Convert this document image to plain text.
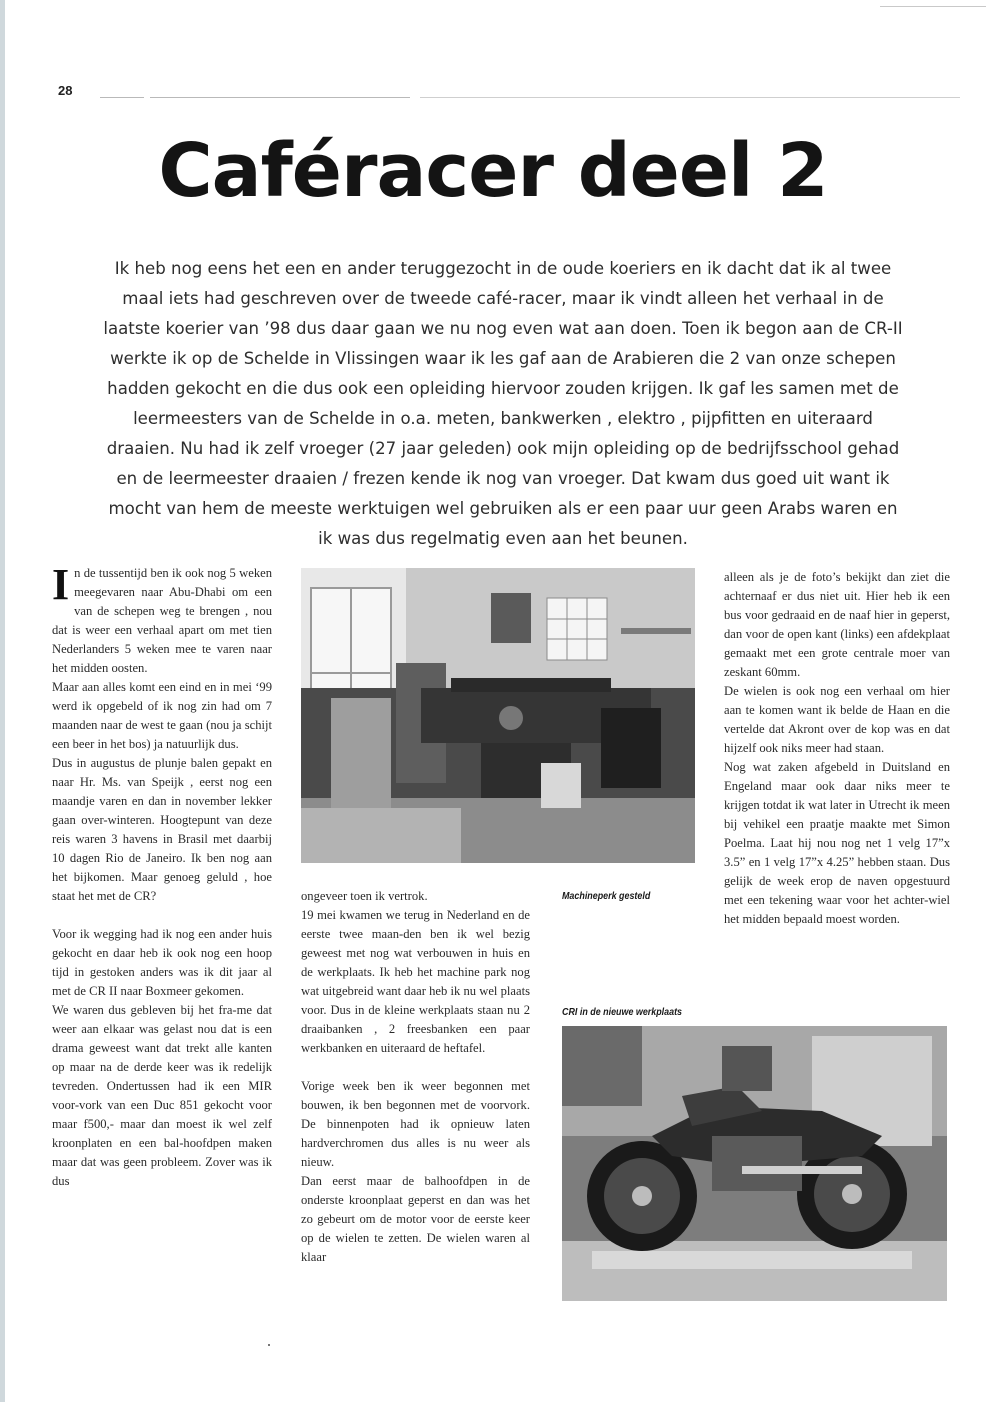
28
Caféracer deel 2

Ik heb nog eens het een en ander teruggezocht in de oude koeriers en ik dacht dat ik al twee maal iets had geschreven over de tweede café-racer, maar ik vindt alleen het verhaal in de laatste koerier van ’98 dus daar gaan we nu nog even wat aan doen. Toen ik begon aan de CR-II werkte ik op de Schelde in Vlissingen waar ik les gaf aan de Arabieren die 2 van onze schepen hadden gekocht en die dus ook een opleiding hiervoor zouden krijgen. Ik gaf les samen met de leermeesters van de Schelde in o.a. meten, bankwerken , elektro , pijpfitten en uiteraard draaien. Nu had ik zelf vroeger (27 jaar geleden) ook mijn opleiding op de bedrijfsschool gehad en de leermeester draaien / frezen kende ik nog van vroeger. Dat kwam dus goed uit want ik mocht van hem de meeste werktuigen wel gebruiken als er een paar uur geen Arabs waren en ik was dus regelmatig even aan het beunen.

In de tussentijd ben ik ook nog 5 weken meegevaren naar Abu-Dhabi om een van de schepen weg te brengen , nou dat is weer een verhaal apart om met tien Nederlanders 5 weken mee te varen naar het midden oosten.

Maar aan alles komt een eind en in mei ‘99 werd ik opgebeld of ik nog zin had om 7 maanden naar de west te gaan (nou ja schijt een beer in het bos) ja natuurlijk dus.

Dus in augustus de plunje balen gepakt en naar Hr. Ms. van Speijk , eerst nog een maandje varen en dan in november lekker gaan over-winteren. Hoogtepunt van deze reis waren 3 havens in Brasil met daarbij 10 dagen Rio de Janeiro. Ik ben nog aan het bijkomen. Maar genoeg geluld , hoe staat het met de CR?

Voor ik wegging had ik nog een ander huis gekocht en daar heb ik ook nog een hoop tijd in gestoken anders was ik dit jaar al met de CR II naar Boxmeer gekomen.

We waren dus gebleven bij het fra-me dat weer aan elkaar was gelast nou dat is een drama geweest want dat trekt alle kanten op maar na de derde keer was ik redelijk tevreden. Ondertussen had ik een MIR voor-vork van een Duc 851 gekocht voor maar f500,- maar dan moest ik wel zelf kroonplaten en een bal-hoofdpen maken maar dat was geen probleem. Zover was ik dus

Machineperk gesteld
CRI in de nieuwe werkplaats

ongeveer toen ik vertrok.

19 mei kwamen we terug in Nederland en de eerste twee maan-den ben ik wel bezig geweest met nog wat verbouwen in huis en de werkplaats. Ik heb het machine park nog wat uitgebreid want daar heb ik nu wel plaats voor. Dus in de kleine werkplaats staan nu 2 draaibanken , 2 freesbanken een paar werkbanken en uiteraard de heftafel.

Vorige week ben ik weer begonnen met bouwen, ik ben begonnen met de voorvork. De binnenpoten had ik opnieuw laten hardverchromen dus alles is nu weer als nieuw.

Dan eerst maar de balhoofdpen in de onderste kroonplaat geperst en dan was het zo gebeurt om de motor voor de eerste keer op de wielen te zetten. De wielen waren al klaar

alleen als je de foto’s bekijkt dan ziet die achternaaf er dus niet uit. Hier heb ik een bus voor gedraaid en de naaf hier in geperst, dan voor de open kant (links) een afdekplaat gemaakt met een grote centrale moer van zeskant 60mm.

De wielen is ook nog een verhaal om hier aan te komen want ik belde de Haan en die vertelde dat Akront over de kop was en dat hijzelf ook niks meer had staan.

Nog wat zaken afgebeld in Duitsland en Engeland maar ook daar niks meer te krijgen totdat ik wat later in Utrecht ik meen bij vehikel een praatje maakte met Simon Poelma. Laat hij nou nog net 1 velg 17”x 3.5” en 1 velg 17”x 4.25” hebben staan. Dus gelijk de week erop de naven opgestuurd met een tekening waar voor het achter-wiel het midden bepaald moest worden.
